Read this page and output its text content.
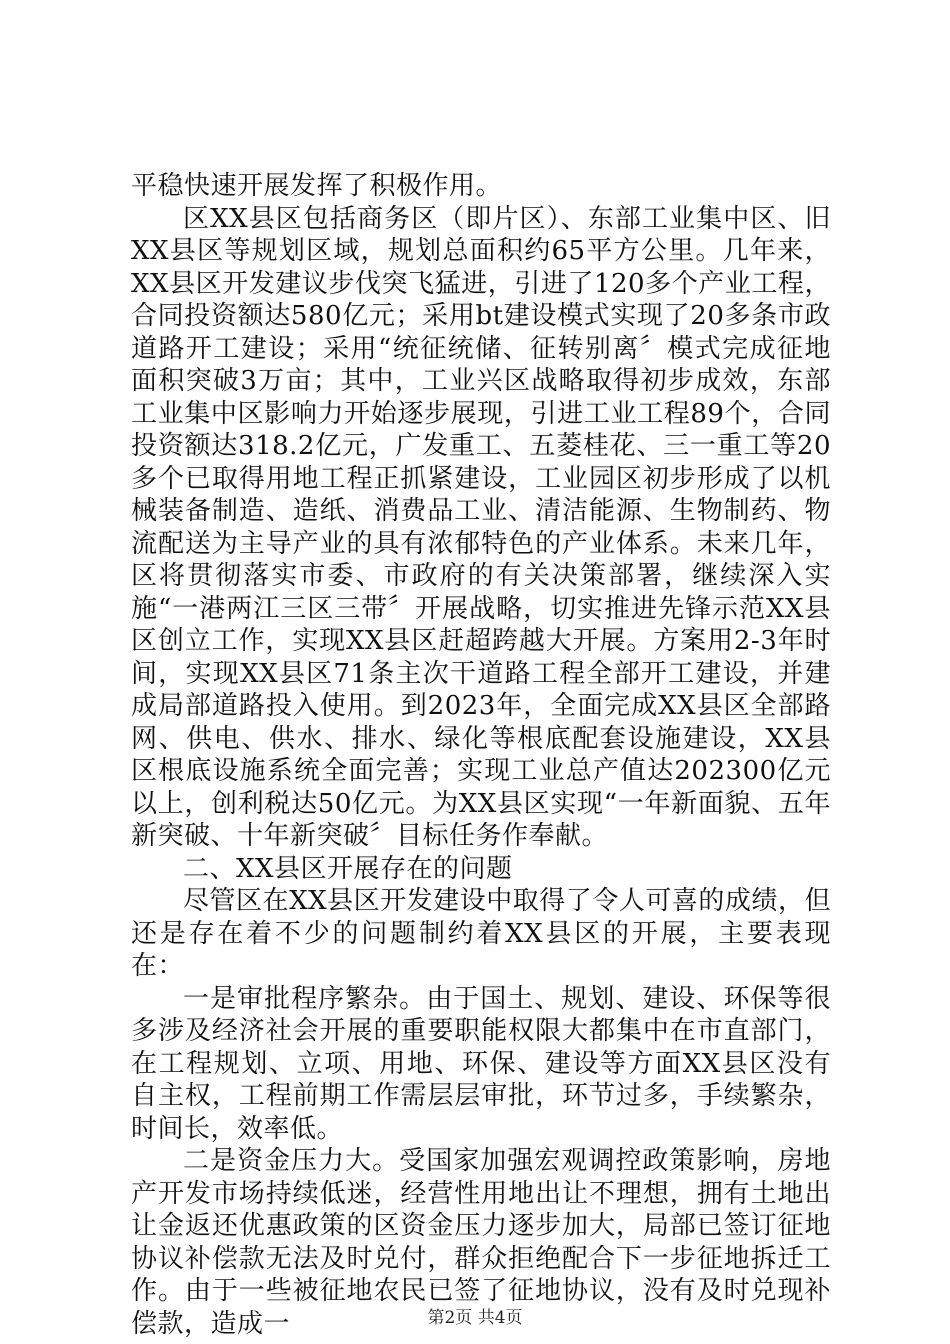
平稳快速开展发挥了积极作用。

区XX县区包括商务区（即片区）、东部工业集中区、旧XX县区等规划区域，规划总面积约65平方公里。几年来，XX县区开发建议步伐突飞猛进，引进了120多个产业工程，合同投资额达580亿元；采用bt建设模式实现了20多条市政道路开工建设；采用“统征统储、征转别离〞模式完成征地面积突破3万亩；其中，工业兴区战略取得初步成效，东部工业集中区影响力开始逐步展现，引进工业工程89个，合同投资额达318.2亿元，广发重工、五菱桂花、三一重工等20多个已取得用地工程正抓紧建设，工业园区初步形成了以机械装备制造、造纸、消费品工业、清洁能源、生物制药、物流配送为主导产业的具有浓郁特色的产业体系。未来几年，区将贯彻落实市委、市政府的有关决策部署，继续深入实施“一港两江三区三带〞开展战略，切实推进先锋示范XX县区创立工作，实现XX县区赶超跨越大开展。方案用2-3年时间，实现XX县区71条主次干道路工程全部开工建设，并建成局部道路投入使用。到2023年，全面完成XX县区全部路网、供电、供水、排水、绿化等根底配套设施建设，XX县区根底设施系统全面完善；实现工业总产值达202300亿元以上，创利税达50亿元。为XX县区实现“一年新面貌、五年新突破、十年新突破〞目标任务作奉献。

二、XX县区开展存在的问题

尽管区在XX县区开发建设中取得了令人可喜的成绩，但还是存在着不少的问题制约着XX县区的开展，主要表现在：

一是审批程序繁杂。由于国土、规划、建设、环保等很多涉及经济社会开展的重要职能权限大都集中在市直部门，在工程规划、立项、用地、环保、建设等方面XX县区没有自主权，工程前期工作需层层审批，环节过多，手续繁杂，时间长，效率低。

二是资金压力大。受国家加强宏观调控政策影响，房地产开发市场持续低迷，经营性用地出让不理想，拥有土地出让金返还优惠政策的区资金压力逐步加大，局部已签订征地协议补偿款无法及时兑付，群众拒绝配合下一步征地拆迁工作。由于一些被征地农民已签了征地协议，没有及时兑现补偿款，造成一	第2页 共4页
